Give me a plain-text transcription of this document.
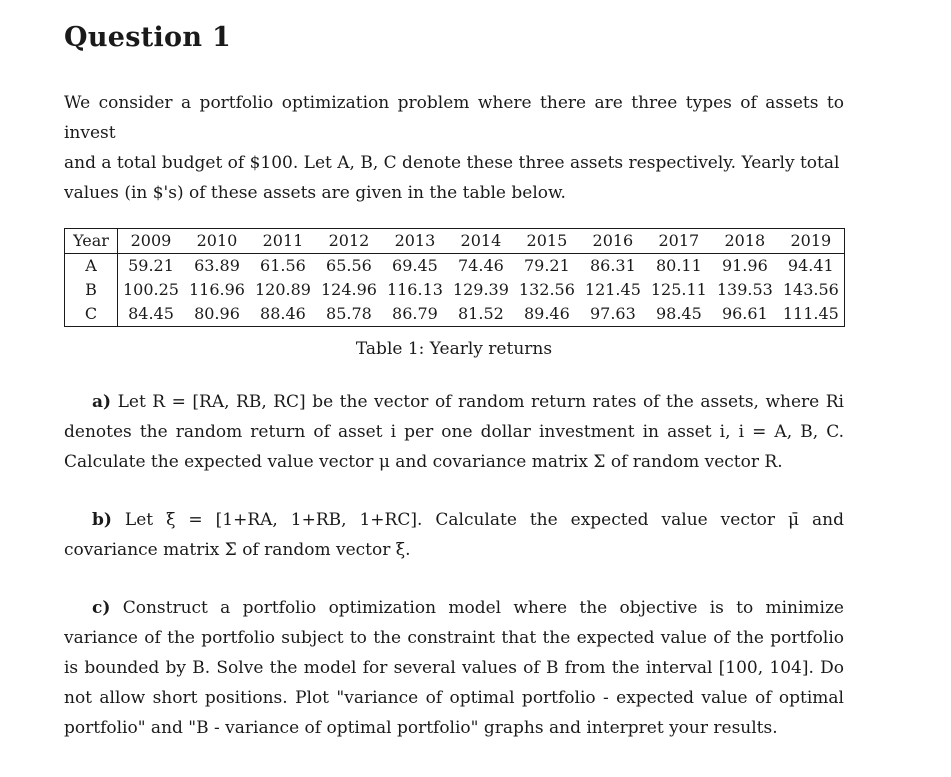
Question 1

We consider a portfolio optimization problem where there are three types of assets to invest
and a total budget of $100. Let A, B, C denote these three assets respectively. Yearly total
values (in $'s) of these assets are given in the table below.

Year	2009	2010	2011	2012	2013	2014	2015	2016	2017	2018	2019
A	59.21	63.89	61.56	65.56	69.45	74.46	79.21	86.31	80.11	91.96	94.41
B	100.25	116.96	120.89	124.96	116.13	129.39	132.56	121.45	125.11	139.53	143.56
C	84.45	80.96	88.46	85.78	86.79	81.52	89.46	97.63	98.45	96.61	111.45
Table 1: Yearly returns

a) Let R = [RA, RB, RC] be the vector of random return rates of the assets, where Ri denotes the random return of asset i per one dollar investment in asset i, i = A, B, C. Calculate the expected value vector μ and covariance matrix Σ of random vector R.

b) Let ξ = [1+RA, 1+RB, 1+RC]. Calculate the expected value vector μ̄ and covariance matrix Σ̄ of random vector ξ.

c) Construct a portfolio optimization model where the objective is to minimize variance of the portfolio subject to the constraint that the expected value of the portfolio is bounded by B. Solve the model for several values of B from the interval [100, 104]. Do not allow short positions. Plot "variance of optimal portfolio - expected value of optimal portfolio" and "B - variance of optimal portfolio" graphs and interpret your results.
